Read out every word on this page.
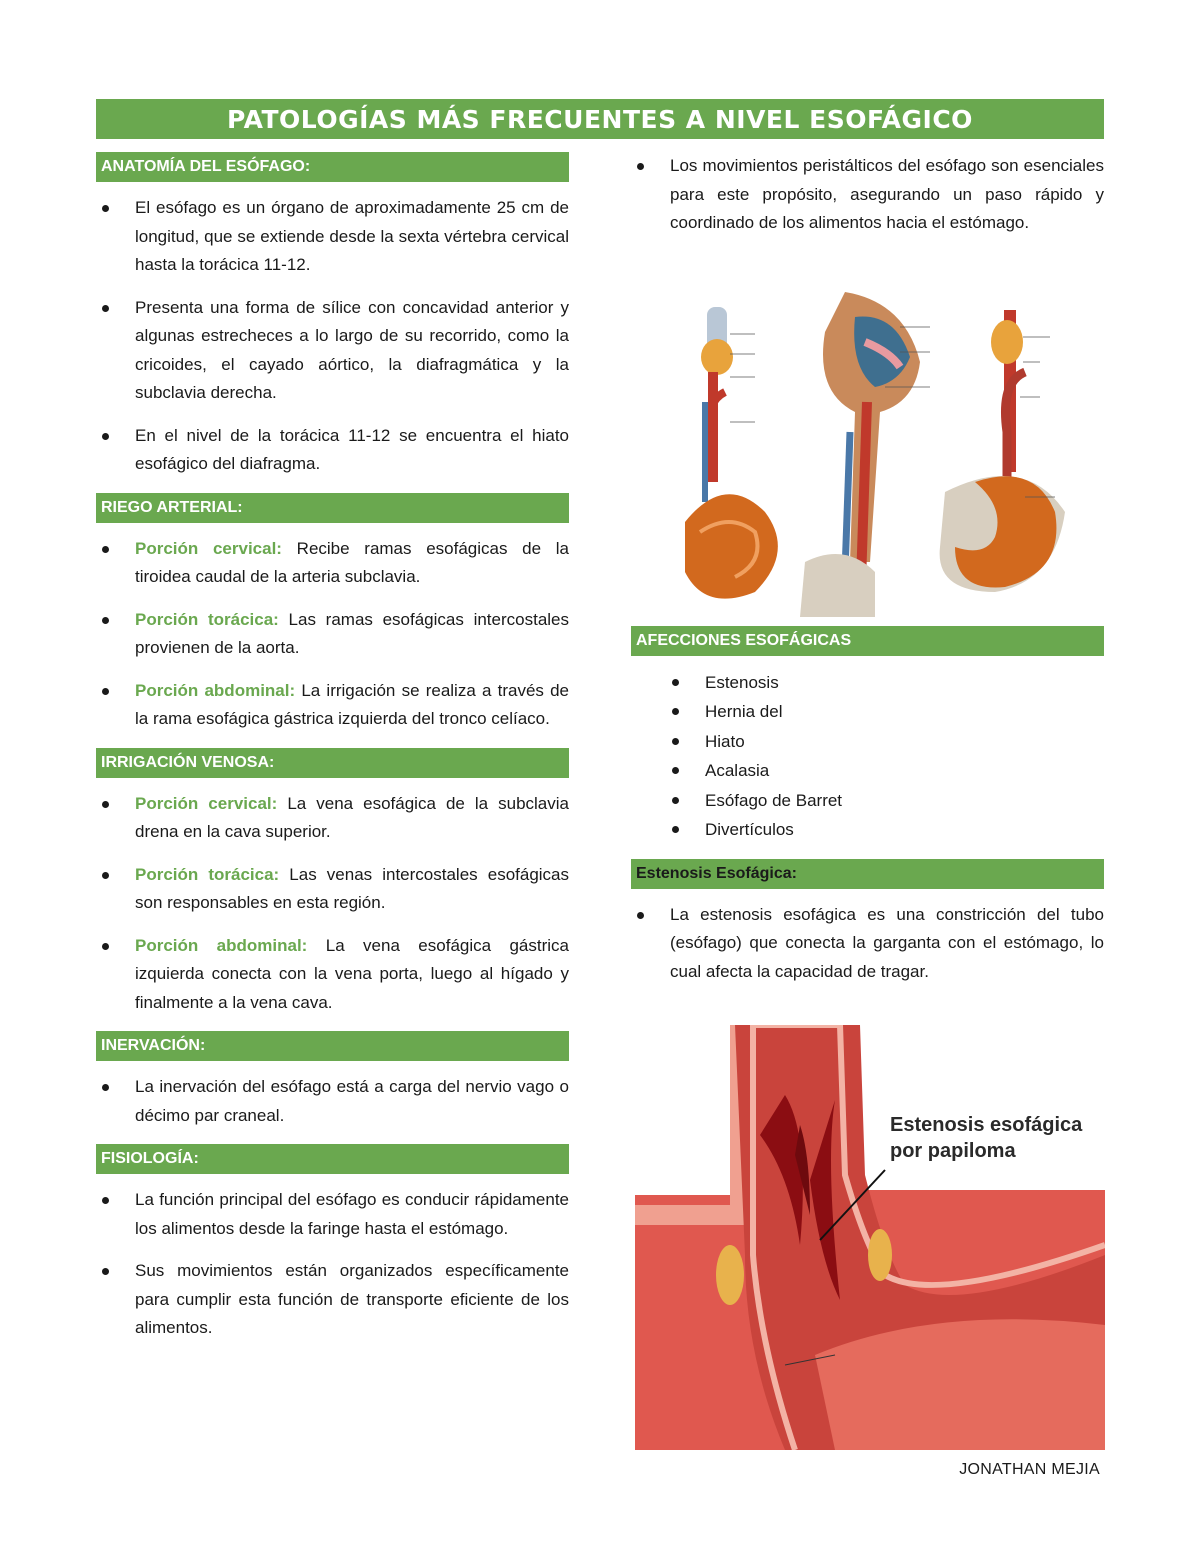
PATOLOGÍAS MÁS FRECUENTES A NIVEL ESOFÁGICO
ANATOMÍA DEL ESÓFAGO:
El esófago es un órgano de aproximadamente 25 cm de longitud, que se extiende desde la sexta vértebra cervical hasta la torácica 11-12.
Presenta una forma de sílice con concavidad anterior y algunas estrecheces a lo largo de su recorrido, como la cricoides, el cayado aórtico, la diafragmática y la subclavia derecha.
En el nivel de la torácica 11-12 se encuentra el hiato esofágico del diafragma.
RIEGO ARTERIAL:
Porción cervical: Recibe ramas esofágicas de la tiroidea caudal de la arteria subclavia.
Porción torácica: Las ramas esofágicas intercostales provienen de la aorta.
Porción abdominal: La irrigación se realiza a través de la rama esofágica gástrica izquierda del tronco celíaco.
IRRIGACIÓN VENOSA:
Porción cervical: La vena esofágica de la subclavia drena en la cava superior.
Porción torácica: Las venas intercostales esofágicas son responsables en esta región.
Porción abdominal: La vena esofágica gástrica izquierda conecta con la vena porta, luego al hígado y finalmente a la vena cava.
INERVACIÓN:
La inervación del esófago está a carga del nervio vago o décimo par craneal.
FISIOLOGÍA:
La función principal del esófago es conducir rápidamente los alimentos desde la faringe hasta el estómago.
Sus movimientos están organizados específicamente para cumplir esta función de transporte eficiente de los alimentos.
Los movimientos peristálticos del esófago son esenciales para este propósito, asegurando un paso rápido y coordinado de los alimentos hacia el estómago.
AFECCIONES ESOFÁGICAS
Estenosis
Hernia del
Hiato
Acalasia
Esófago de Barret
Divertículos
Estenosis Esofágica:
La estenosis esofágica es una constricción del tubo (esófago) que conecta la garganta con el estómago, lo cual afecta la capacidad de tragar.
Estenosis esofágica
por papiloma
JONATHAN MEJIA
